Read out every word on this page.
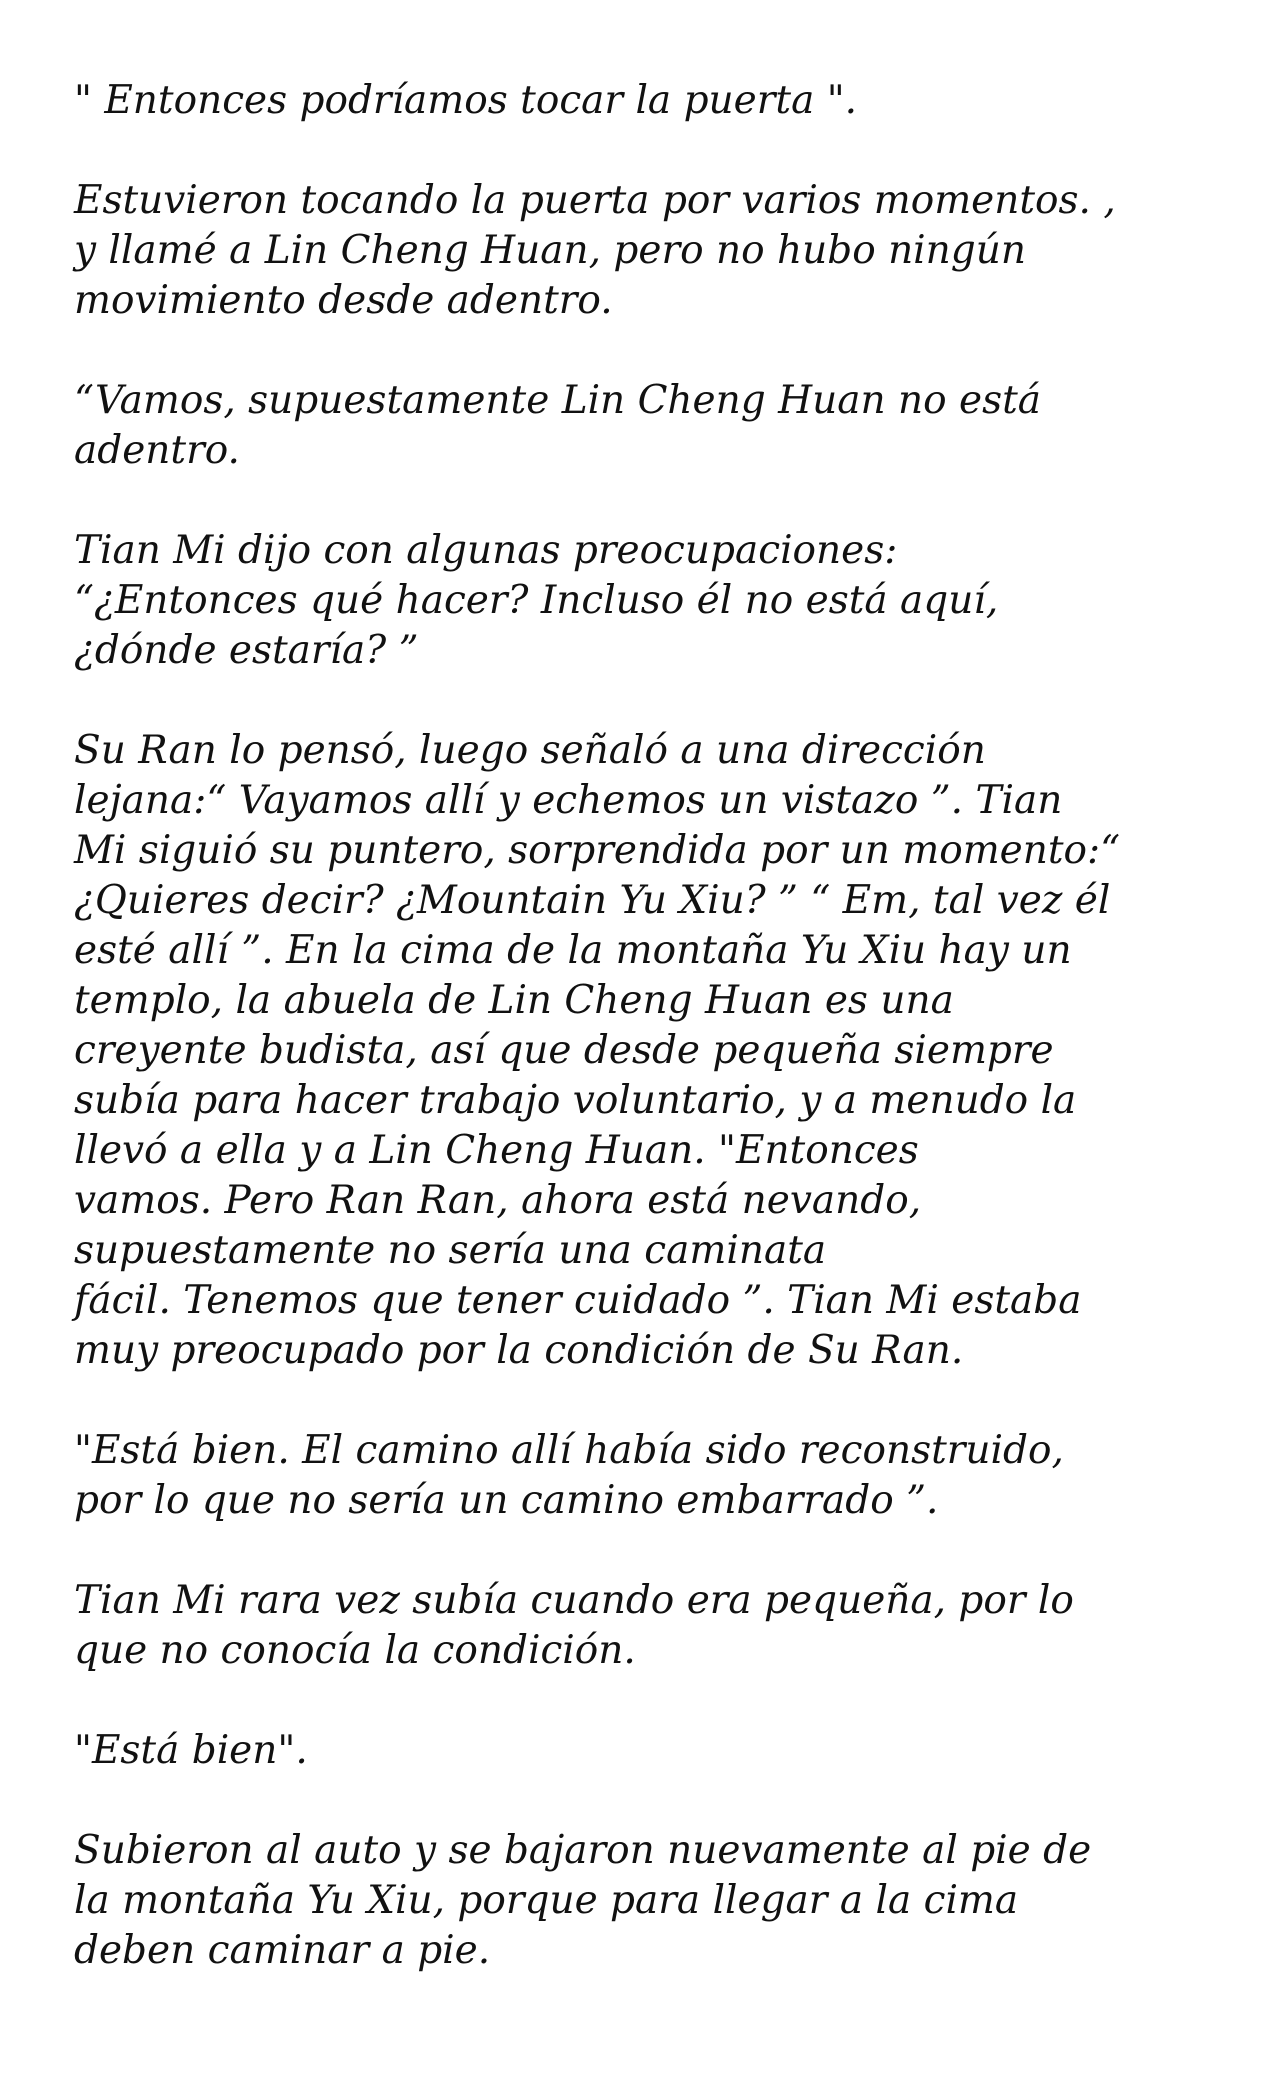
" Entonces podríamos tocar la puerta ".

Estuvieron tocando la puerta por varios momentos. ,
y llamé a Lin Cheng Huan, pero no hubo ningún
movimiento desde adentro.

“Vamos, supuestamente Lin Cheng Huan no está
adentro.

Tian Mi dijo con algunas preocupaciones:
“¿Entonces qué hacer? Incluso él no está aquí,
¿dónde estaría? ”

Su Ran lo pensó, luego señaló a una dirección
lejana:“ Vayamos allí y echemos un vistazo ”. Tian
Mi siguió su puntero, sorprendida por un momento:“
¿Quieres decir? ¿Mountain Yu Xiu? ” “ Em, tal vez él
esté allí ”. En la cima de la montaña Yu Xiu hay un
templo, la abuela de Lin Cheng Huan es una
creyente budista, así que desde pequeña siempre
subía para hacer trabajo voluntario, y a menudo la
llevó a ella y a Lin Cheng Huan. "Entonces
vamos. Pero Ran Ran, ahora está nevando,
supuestamente no sería una caminata
fácil. Tenemos que tener cuidado ”. Tian Mi estaba
muy preocupado por la condición de Su Ran.

"Está bien. El camino allí había sido reconstruido,
por lo que no sería un camino embarrado ”.

Tian Mi rara vez subía cuando era pequeña, por lo
que no conocía la condición.

"Está bien".

Subieron al auto y se bajaron nuevamente al pie de
la montaña Yu Xiu, porque para llegar a la cima
deben caminar a pie.
